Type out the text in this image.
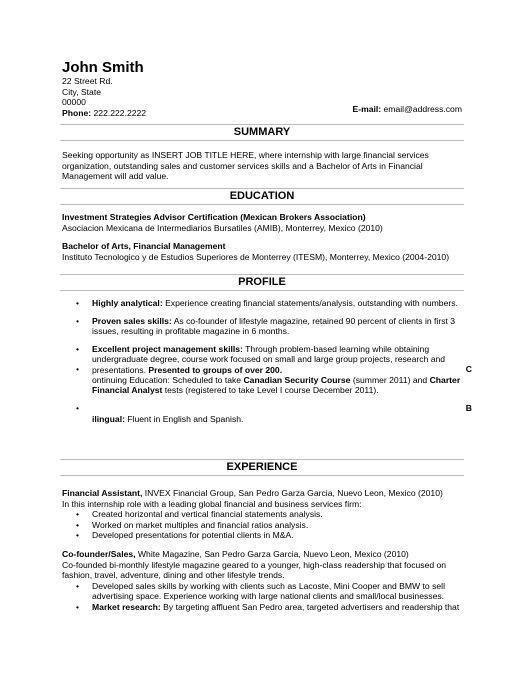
John Smith
22 Street Rd.
City, State
00000
Phone: 222.222.2222	E-mail: email@address.com
SUMMARY
Seeking opportunity as INSERT JOB TITLE HERE, where internship with large financial services
organization, outstanding sales and customer services skills and a Bachelor of Arts in Financial
Management will add value.
EDUCATION
Investment Strategies Advisor Certification (Mexican Brokers Association)
Asociacion Mexicana de Intermediarios Bursatiles (AMIB), Monterrey, Mexico (2010)
Bachelor of Arts, Financial Management
Instituto Tecnologico y de Estudios Superiores de Monterrey (ITESM), Monterrey, Mexico (2004-2010)
PROFILE
• Highly analytical: Experience creating financial statements/analysis, outstanding with numbers.
• Proven sales skills: As co-founder of lifestyle magazine, retained 90 percent of clients in first 3
issues, resulting in profitable magazine in 6 months.
• Excellent project management skills: Through problem-based learning while obtaining
undergraduate degree, course work focused on small and large group projects, research and
presentations. Presented to groups of over 200.
•	C
ontinuing Education: Scheduled to take Canadian Security Course (summer 2011) and Charter
Financial Analyst tests (registered to take Level I course December 2011).
•	B
ilingual: Fluent in English and Spanish.
EXPERIENCE
Financial Assistant, INVEX Financial Group, San Pedro Garza Garcia, Nuevo Leon, Mexico (2010)
In this internship role with a leading global financial and business services firm:
• Created horizontal and vertical financial statements analysis.
• Worked on market multiples and financial ratios analysis.
• Developed presentations for potential clients in M&A.
Co-founder/Sales, White Magazine, San Pedro Garza Garcia, Nuevo Leon, Mexico (2010)
Co-founded bi-monthly lifestyle magazine geared to a younger, high-class readership that focused on
fashion, travel, adventure, dining and other lifestyle trends.
• Developed sales skills by working with clients such as Lacoste, Mini Cooper and BMW to sell
advertising space. Experience working with large national clients and small/local businesses.
• Market research: By targeting affluent San Pedro area, targeted advertisers and readership that
